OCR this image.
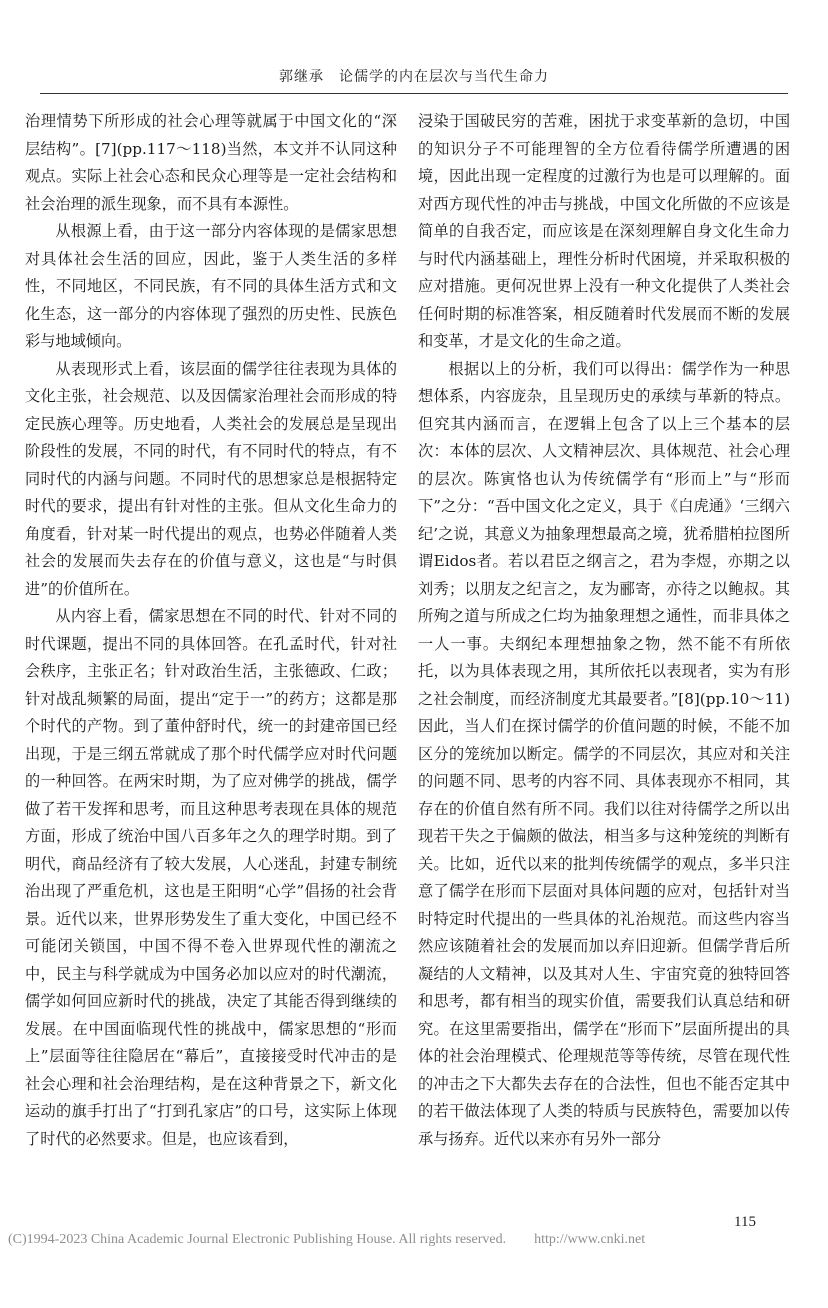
郭继承　论儒学的内在层次与当代生命力

治理情势下所形成的社会心理等就属于中国文化的“深层结构”。[7](pp.117～118)当然，本文并不认同这种观点。实际上社会心态和民众心理等是一定社会结构和社会治理的派生现象，而不具有本源性。

从根源上看，由于这一部分内容体现的是儒家思想对具体社会生活的回应，因此，鉴于人类生活的多样性，不同地区，不同民族，有不同的具体生活方式和文化生态，这一部分的内容体现了强烈的历史性、民族色彩与地域倾向。

从表现形式上看，该层面的儒学往往表现为具体的文化主张，社会规范、以及因儒家治理社会而形成的特定民族心理等。历史地看，人类社会的发展总是呈现出阶段性的发展，不同的时代，有不同时代的特点，有不同时代的内涵与问题。不同时代的思想家总是根据特定时代的要求，提出有针对性的主张。但从文化生命力的角度看，针对某一时代提出的观点，也势必伴随着人类社会的发展而失去存在的价值与意义，这也是“与时俱进”的价值所在。

从内容上看，儒家思想在不同的时代、针对不同的时代课题，提出不同的具体回答。在孔孟时代，针对社会秩序，主张正名；针对政治生活，主张德政、仁政；针对战乱频繁的局面，提出“定于一”的药方；这都是那个时代的产物。到了董仲舒时代，统一的封建帝国已经出现，于是三纲五常就成了那个时代儒学应对时代问题的一种回答。在两宋时期，为了应对佛学的挑战，儒学做了若干发挥和思考，而且这种思考表现在具体的规范方面，形成了统治中国八百多年之久的理学时期。到了明代，商品经济有了较大发展，人心迷乱，封建专制统治出现了严重危机，这也是王阳明“心学”倡扬的社会背景。近代以来，世界形势发生了重大变化，中国已经不可能闭关锁国，中国不得不卷入世界现代性的潮流之中，民主与科学就成为中国务必加以应对的时代潮流，儒学如何回应新时代的挑战，决定了其能否得到继续的发展。在中国面临现代性的挑战中，儒家思想的“形而上”层面等往往隐居在“幕后”，直接接受时代冲击的是社会心理和社会治理结构，是在这种背景之下，新文化运动的旗手打出了“打到孔家店”的口号，这实际上体现了时代的必然要求。但是，也应该看到，

浸染于国破民穷的苦难，困扰于求变革新的急切，中国的知识分子不可能理智的全方位看待儒学所遭遇的困境，因此出现一定程度的过激行为也是可以理解的。面对西方现代性的冲击与挑战，中国文化所做的不应该是简单的自我否定，而应该是在深刻理解自身文化生命力与时代内涵基础上，理性分析时代困境，并采取积极的应对措施。更何况世界上没有一种文化提供了人类社会任何时期的标准答案，相反随着时代发展而不断的发展和变革，才是文化的生命之道。

根据以上的分析，我们可以得出：儒学作为一种思想体系，内容庞杂，且呈现历史的承续与革新的特点。但究其内涵而言，在逻辑上包含了以上三个基本的层次：本体的层次、人文精神层次、具体规范、社会心理的层次。陈寅恪也认为传统儒学有“形而上”与“形而下”之分：“吾中国文化之定义，具于《白虎通》‘三纲六纪’之说，其意义为抽象理想最高之境，犹希腊柏拉图所谓Eidos者。若以君臣之纲言之，君为李煜，亦期之以刘秀；以朋友之纪言之，友为郦寄，亦待之以鲍叔。其所殉之道与所成之仁均为抽象理想之通性，而非具体之一人一事。夫纲纪本理想抽象之物，然不能不有所依托，以为具体表现之用，其所依托以表现者，实为有形之社会制度，而经济制度尤其最要者。”[8](pp.10～11)因此，当人们在探讨儒学的价值问题的时候，不能不加区分的笼统加以断定。儒学的不同层次，其应对和关注的问题不同、思考的内容不同、具体表现亦不相同，其存在的价值自然有所不同。我们以往对待儒学之所以出现若干失之于偏颇的做法，相当多与这种笼统的判断有关。比如，近代以来的批判传统儒学的观点，多半只注意了儒学在形而下层面对具体问题的应对，包括针对当时特定时代提出的一些具体的礼治规范。而这些内容当然应该随着社会的发展而加以弃旧迎新。但儒学背后所凝结的人文精神，以及其对人生、宇宙究竟的独特回答和思考，都有相当的现实价值，需要我们认真总结和研究。在这里需要指出，儒学在“形而下”层面所提出的具体的社会治理模式、伦理规范等等传统，尽管在现代性的冲击之下大都失去存在的合法性，但也不能否定其中的若干做法体现了人类的特质与民族特色，需要加以传承与扬弃。近代以来亦有另外一部分

115
(C)1994-2023 China Academic Journal Electronic Publishing House. All rights reserved.　　http://www.cnki.net
